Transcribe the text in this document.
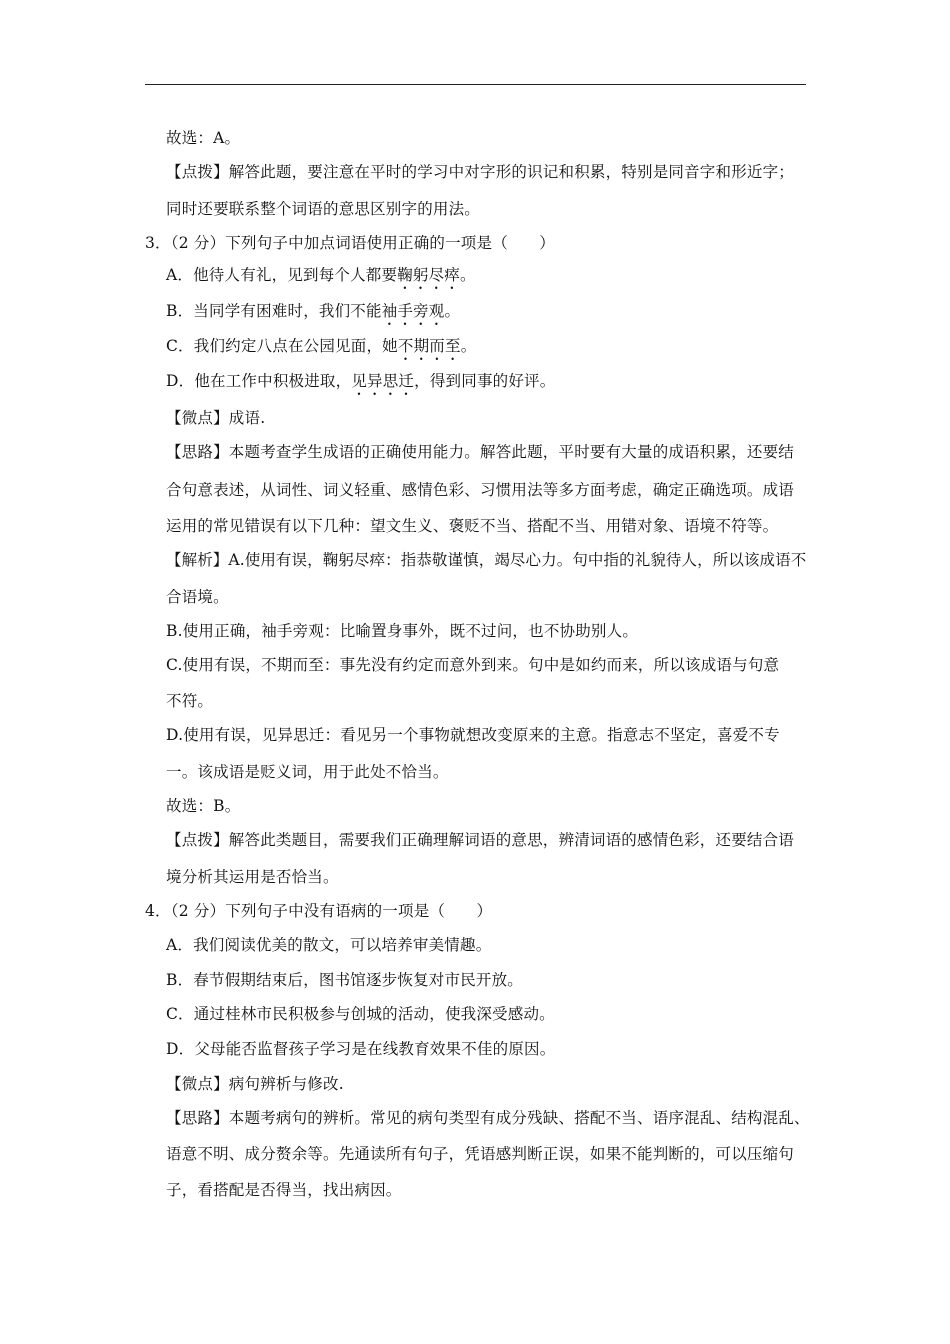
故选：A。
【点拨】解答此题，要注意在平时的学习中对字形的识记和积累，特别是同音字和形近字；
同时还要联系整个词语的意思区别字的用法。
3．（2 分）下列句子中加点词语使用正确的一项是（　　）
A．他待人有礼，见到每个人都要鞠躬尽瘁。
B．当同学有困难时，我们不能袖手旁观。
C．我们约定八点在公园见面，她不期而至。
D．他在工作中积极进取，见异思迁，得到同事的好评。
【微点】成语.
【思路】本题考查学生成语的正确使用能力。解答此题，平时要有大量的成语积累，还要结
合句意表述，从词性、词义轻重、感情色彩、习惯用法等多方面考虑，确定正确选项。成语
运用的常见错误有以下几种：望文生义、褒贬不当、搭配不当、用错对象、语境不符等。
【解析】A.使用有误，鞠躬尽瘁：指恭敬谨慎，竭尽心力。句中指的礼貌待人，所以该成语不
合语境。
B.使用正确，袖手旁观：比喻置身事外，既不过问，也不协助别人。
C.使用有误，不期而至：事先没有约定而意外到来。句中是如约而来，所以该成语与句意
不符。
D.使用有误，见异思迁：看见另一个事物就想改变原来的主意。指意志不坚定，喜爱不专
一。该成语是贬义词，用于此处不恰当。
故选：B。
【点拨】解答此类题目，需要我们正确理解词语的意思，辨清词语的感情色彩，还要结合语
境分析其运用是否恰当。
4．（2 分）下列句子中没有语病的一项是（　　）
A．我们阅读优美的散文，可以培养审美情趣。
B．春节假期结束后，图书馆逐步恢复对市民开放。
C．通过桂林市民积极参与创城的活动，使我深受感动。
D．父母能否监督孩子学习是在线教育效果不佳的原因。
【微点】病句辨析与修改.
【思路】本题考病句的辨析。常见的病句类型有成分残缺、搭配不当、语序混乱、结构混乱、
语意不明、成分赘余等。先通读所有句子，凭语感判断正误，如果不能判断的，可以压缩句
子，看搭配是否得当，找出病因。
